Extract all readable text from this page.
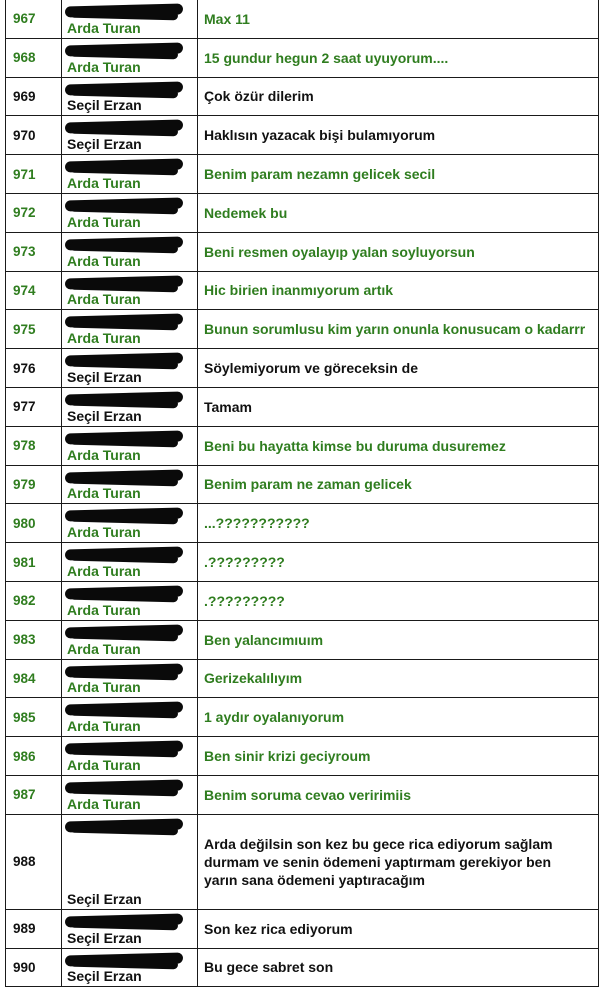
967	Arda Turan	Max 11
968	Arda Turan	15 gundur hegun 2 saat uyuyorum....
969	Seçil Erzan	Çok özür dilerim
970	Seçil Erzan	Haklısın yazacak bişi bulamıyorum
971	Arda Turan	Benim param nezamn gelicek secil
972	Arda Turan	Nedemek bu
973	Arda Turan	Beni resmen oyalayıp yalan soyluyorsun
974	Arda Turan	Hic birien inanmıyorum artık
975	Arda Turan	Bunun sorumlusu kim yarın onunla konusucam o kadarrr
976	Seçil Erzan	Söylemiyorum ve göreceksin de
977	Seçil Erzan	Tamam
978	Arda Turan	Beni bu hayatta kimse bu duruma dusuremez
979	Arda Turan	Benim param ne zaman gelicek
980	Arda Turan	...???????????
981	Arda Turan	.?????????
982	Arda Turan	.?????????
983	Arda Turan	Ben yalancımıuım
984	Arda Turan	Gerizekalılıyım
985	Arda Turan	1 aydır oyalanıyorum
986	Arda Turan	Ben sinir krizi geciyroum
987	Arda Turan	Benim soruma cevao veririmiis
988	Seçil Erzan	Arda değilsin son kez bu gece rica ediyorum sağlam durmam ve senin ödemeni yaptırmam gerekiyor ben yarın sana ödemeni yaptıracağım
989	Seçil Erzan	Son kez rica ediyorum
990	Seçil Erzan	Bu gece sabret son
